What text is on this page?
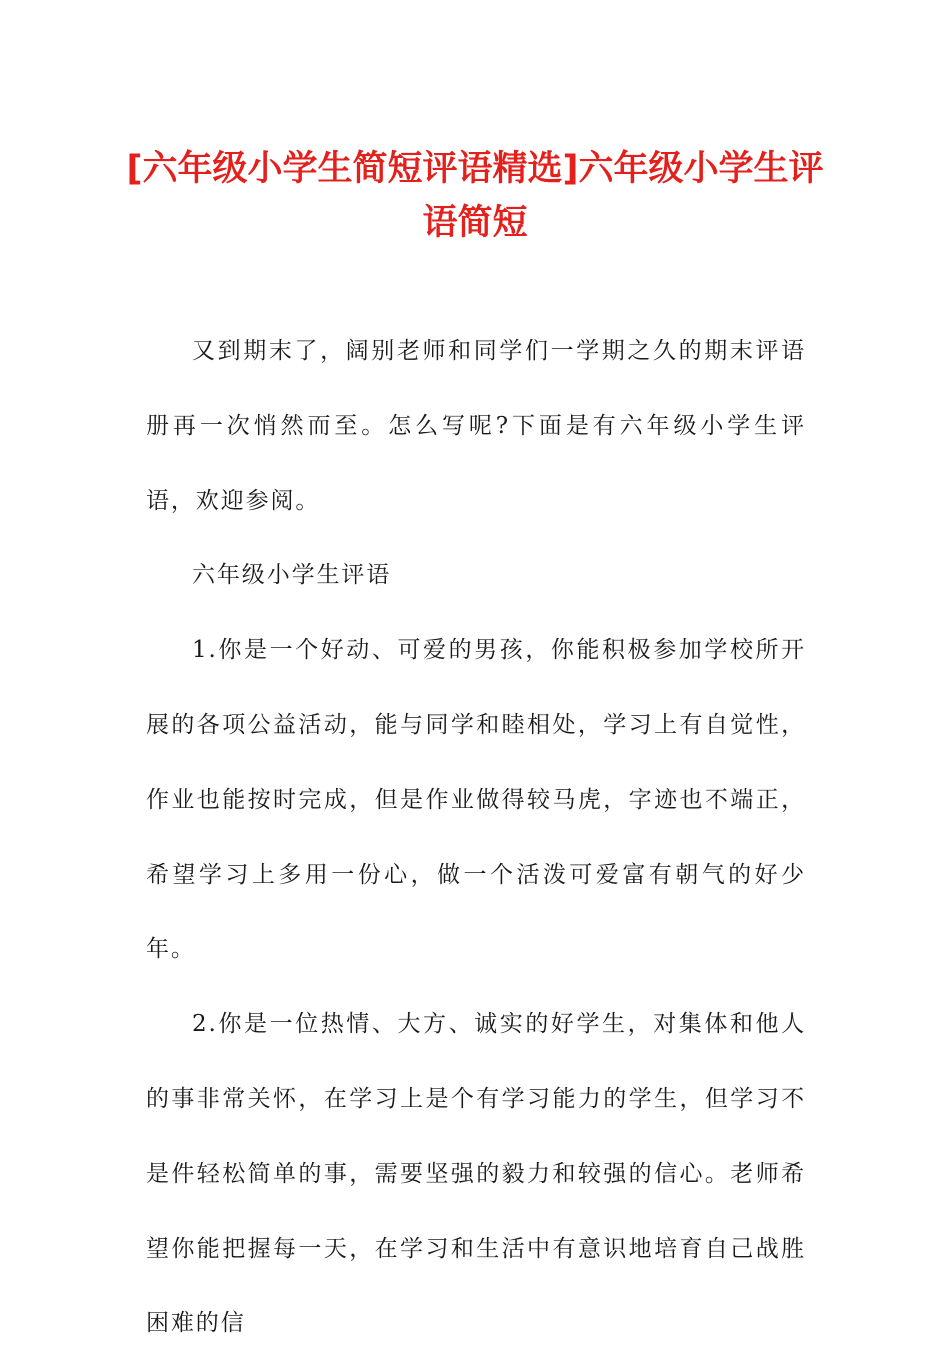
[六年级小学生简短评语精选]六年级小学生评语简短

又到期末了，阔别老师和同学们一学期之久的期末评语册再一次悄然而至。怎么写呢?下面是有六年级小学生评语，欢迎参阅。

六年级小学生评语

1.你是一个好动、可爱的男孩，你能积极参加学校所开展的各项公益活动，能与同学和睦相处，学习上有自觉性，作业也能按时完成，但是作业做得较马虎，字迹也不端正，希望学习上多用一份心，做一个活泼可爱富有朝气的好少年。

2.你是一位热情、大方、诚实的好学生，对集体和他人的事非常关怀，在学习上是个有学习能力的学生，但学习不是件轻松简单的事，需要坚强的毅力和较强的信心。老师希望你能把握每一天，在学习和生活中有意识地培育自己战胜困难的信
